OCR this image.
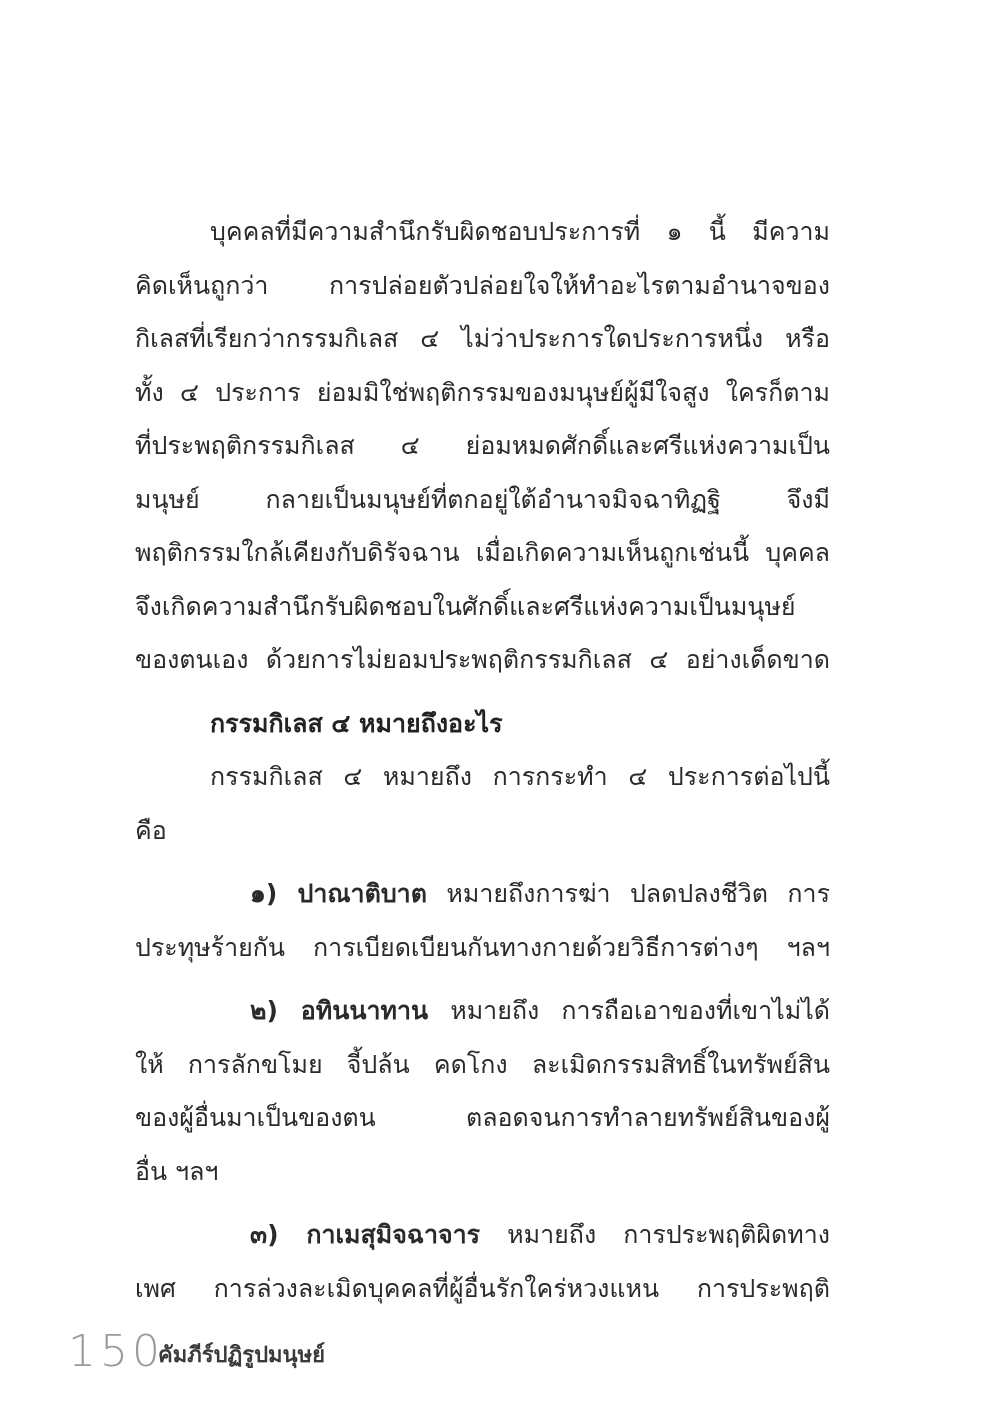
บุคคลที่มีความสำนึกรับผิดชอบประการที่ ๑ นี้ มีความ
คิดเห็นถูกว่า การปล่อยตัวปล่อยใจให้ทำอะไรตามอำนาจของ
กิเลสที่เรียกว่ากรรมกิเลส ๔ ไม่ว่าประการใดประการหนึ่ง หรือ
ทั้ง ๔ ประการ ย่อมมิใช่พฤติกรรมของมนุษย์ผู้มีใจสูง ใครก็ตาม
ที่ประพฤติกรรมกิเลส ๔ ย่อมหมดศักดิ์และศรีแห่งความเป็น
มนุษย์ กลายเป็นมนุษย์ที่ตกอยู่ใต้อำนาจมิจฉาทิฏฐิ จึงมี
พฤติกรรมใกล้เคียงกับดิรัจฉาน เมื่อเกิดความเห็นถูกเช่นนี้ บุคคล
จึงเกิดความสำนึกรับผิดชอบในศักดิ์และศรีแห่งความเป็นมนุษย์
ของตนเอง ด้วยการไม่ยอมประพฤติกรรมกิเลส ๔ อย่างเด็ดขาด
กรรมกิเลส ๔ หมายถึงอะไร
กรรมกิเลส ๔ หมายถึง การกระทำ ๔ ประการต่อไปนี้
คือ
๑) ปาณาติบาต หมายถึงการฆ่า ปลดปลงชีวิต การ
ประทุษร้ายกัน การเบียดเบียนกันทางกายด้วยวิธีการต่างๆ ฯลฯ
๒) อทินนาทาน หมายถึง การถือเอาของที่เขาไม่ได้
ให้ การลักขโมย จี้ปล้น คดโกง ละเมิดกรรมสิทธิ์ในทรัพย์สิน
ของผู้อื่นมาเป็นของตน ตลอดจนการทำลายทรัพย์สินของผู้
อื่น ฯลฯ
๓) กาเมสุมิจฉาจาร หมายถึง การประพฤติผิดทาง
เพศ การล่วงละเมิดบุคคลที่ผู้อื่นรักใคร่หวงแหน การประพฤติ
150
คัมภีร์ปฏิรูปมนุษย์
